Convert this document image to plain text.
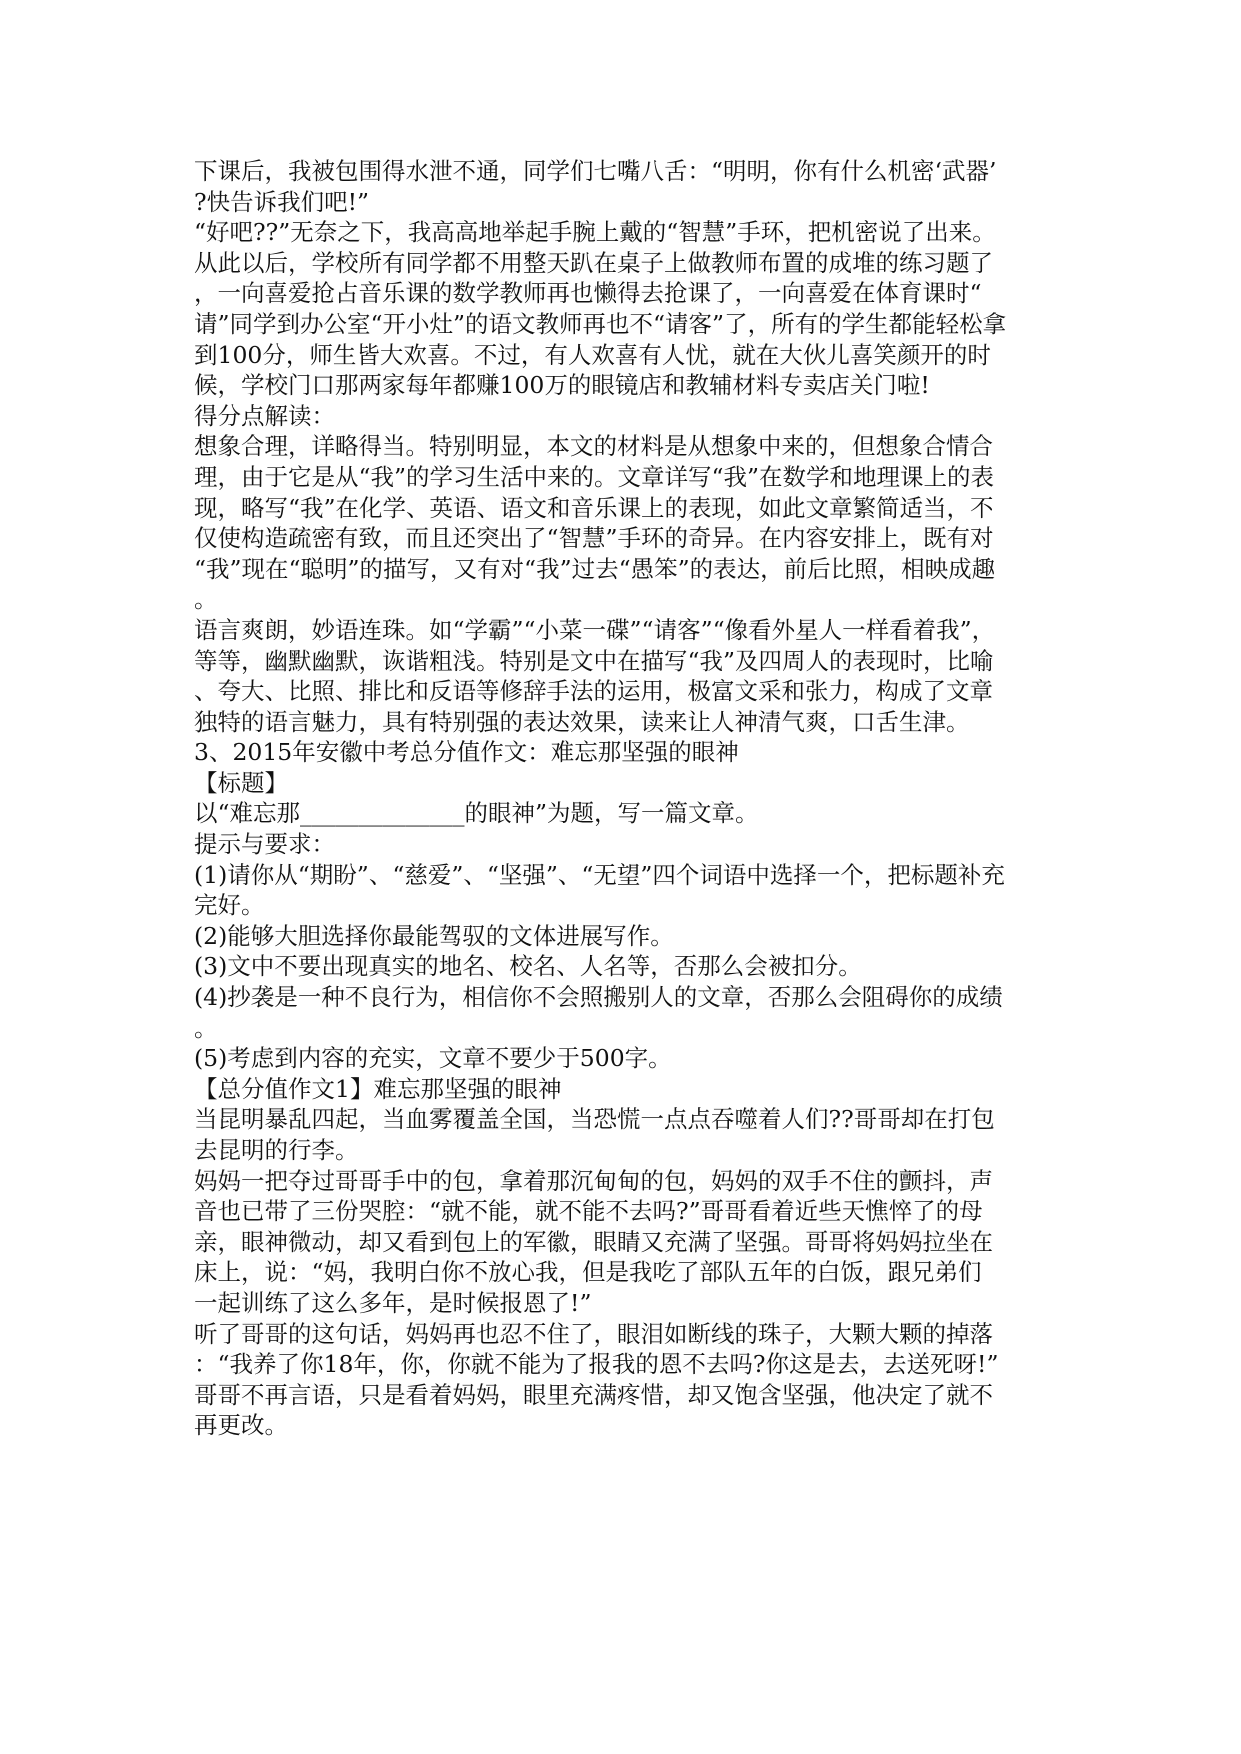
下课后，我被包围得水泄不通，同学们七嘴八舌：“明明，你有什么机密‘武器’
?快告诉我们吧!”
“好吧??”无奈之下，我高高地举起手腕上戴的“智慧”手环，把机密说了出来。
从此以后，学校所有同学都不用整天趴在桌子上做教师布置的成堆的练习题了
，一向喜爱抢占音乐课的数学教师再也懒得去抢课了，一向喜爱在体育课时“
请”同学到办公室“开小灶”的语文教师再也不“请客”了，所有的学生都能轻松拿
到100分，师生皆大欢喜。不过，有人欢喜有人忧，就在大伙儿喜笑颜开的时
候，学校门口那两家每年都赚100万的眼镜店和教辅材料专卖店关门啦!
得分点解读：
想象合理，详略得当。特别明显，本文的材料是从想象中来的，但想象合情合
理，由于它是从“我”的学习生活中来的。文章详写“我”在数学和地理课上的表
现，略写“我”在化学、英语、语文和音乐课上的表现，如此文章繁简适当，不
仅使构造疏密有致，而且还突出了“智慧”手环的奇异。在内容安排上，既有对
“我”现在“聪明”的描写，又有对“我”过去“愚笨”的表达，前后比照，相映成趣
。
语言爽朗，妙语连珠。如“学霸”“小菜一碟”“请客”“像看外星人一样看着我”，
等等，幽默幽默，诙谐粗浅。特别是文中在描写“我”及四周人的表现时，比喻
、夸大、比照、排比和反语等修辞手法的运用，极富文采和张力，构成了文章
独特的语言魅力，具有特别强的表达效果，读来让人神清气爽，口舌生津。
3、2015年安徽中考总分值作文：难忘那坚强的眼神
【标题】
以“难忘那______________的眼神”为题，写一篇文章。
提示与要求：
(1)请你从“期盼”、“慈爱”、“坚强”、“无望”四个词语中选择一个，把标题补充
完好。
(2)能够大胆选择你最能驾驭的文体进展写作。
(3)文中不要出现真实的地名、校名、人名等，否那么会被扣分。
(4)抄袭是一种不良行为，相信你不会照搬别人的文章，否那么会阻碍你的成绩
。
(5)考虑到内容的充实，文章不要少于500字。
【总分值作文1】难忘那坚强的眼神
当昆明暴乱四起，当血雾覆盖全国，当恐慌一点点吞噬着人们??哥哥却在打包
去昆明的行李。
妈妈一把夺过哥哥手中的包，拿着那沉甸甸的包，妈妈的双手不住的颤抖，声
音也已带了三份哭腔：“就不能，就不能不去吗?”哥哥看着近些天憔悴了的母
亲，眼神微动，却又看到包上的军徽，眼睛又充满了坚强。哥哥将妈妈拉坐在
床上，说：“妈，我明白你不放心我，但是我吃了部队五年的白饭，跟兄弟们
一起训练了这么多年，是时候报恩了!”
听了哥哥的这句话，妈妈再也忍不住了，眼泪如断线的珠子，大颗大颗的掉落
：“我养了你18年，你，你就不能为了报我的恩不去吗?你这是去，去送死呀!”
哥哥不再言语，只是看着妈妈，眼里充满疼惜，却又饱含坚强，他决定了就不
再更改。
